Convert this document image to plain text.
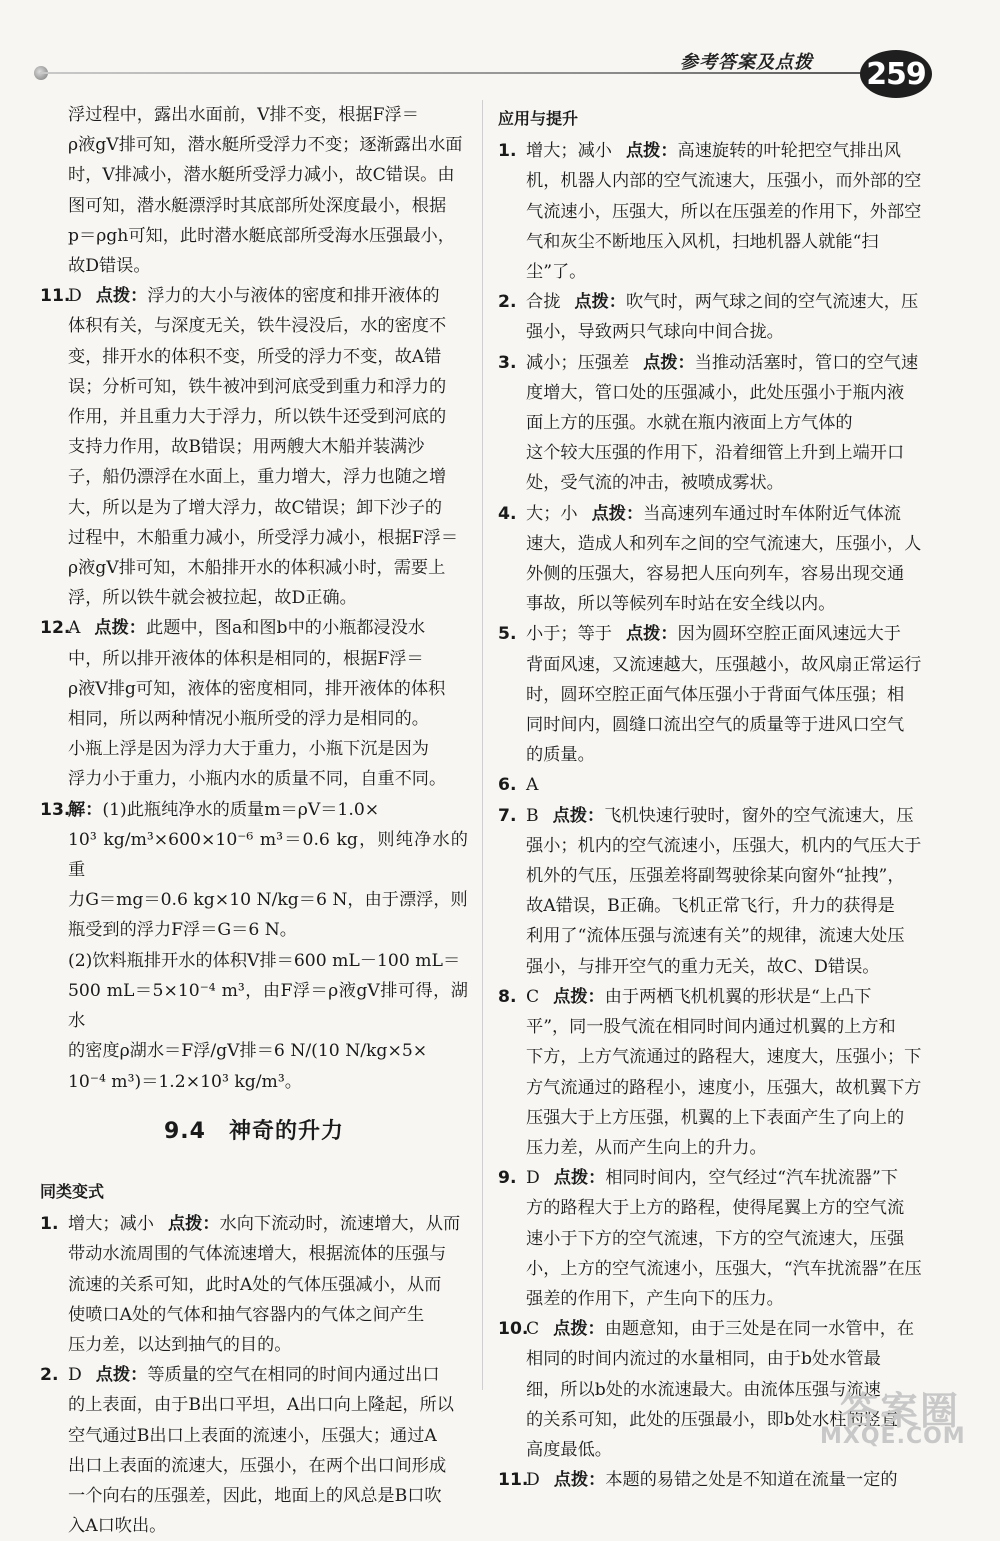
参考答案及点拨 259
浮过程中，露出水面前，V排不变，根据F浮＝
ρ液gV排可知，潜水艇所受浮力不变；逐渐露出水面
时，V排减小，潜水艇所受浮力减小，故C错误。由
图可知，潜水艇漂浮时其底部所处深度最小，根据
p＝ρgh可知，此时潜水艇底部所受海水压强最小，
故D错误。
11.
D 点拨：浮力的大小与液体的密度和排开液体的
体积有关，与深度无关，铁牛浸没后，水的密度不
变，排开水的体积不变，所受的浮力不变，故A错
误；分析可知，铁牛被冲到河底受到重力和浮力的
作用，并且重力大于浮力，所以铁牛还受到河底的
支持力作用，故B错误；用两艘大木船并装满沙
子，船仍漂浮在水面上，重力增大，浮力也随之增
大，所以是为了增大浮力，故C错误；卸下沙子的
过程中，木船重力减小，所受浮力减小，根据F浮＝
ρ液gV排可知，木船排开水的体积减小时，需要上
浮，所以铁牛就会被拉起，故D正确。
12.
A 点拨：此题中，图a和图b中的小瓶都浸没水
中，所以排开液体的体积是相同的，根据F浮＝
ρ液V排g可知，液体的密度相同，排开液体的体积
相同，所以两种情况小瓶所受的浮力是相同的。
小瓶上浮是因为浮力大于重力，小瓶下沉是因为
浮力小于重力，小瓶内水的质量不同，自重不同。
13.
解：(1)此瓶纯净水的质量m＝ρV＝1.0×
10³ kg/m³×600×10⁻⁶ m³＝0.6 kg，则纯净水的重
力G＝mg＝0.6 kg×10 N/kg＝6 N，由于漂浮，则
瓶受到的浮力F浮＝G＝6 N。
(2)饮料瓶排开水的体积V排＝600 mL－100 mL＝
500 mL＝5×10⁻⁴ m³，由F浮＝ρ液gV排可得，湖水
的密度ρ湖水＝F浮/gV排＝6 N/(10 N/kg×5×
10⁻⁴ m³)＝1.2×10³ kg/m³。
9.4　神奇的升力
同类变式
1. 增大；减小 点拨：水向下流动时，流速增大，从而
带动水流周围的气体流速增大，根据流体的压强与
流速的关系可知，此时A处的气体压强减小，从而
使喷口A处的气体和抽气容器内的气体之间产生
压力差，以达到抽气的目的。
2. D 点拨：等质量的空气在相同的时间内通过出口
的上表面，由于B出口平坦，A出口向上隆起，所以
空气通过B出口上表面的流速小，压强大；通过A
出口上表面的流速大，压强小，在两个出口间形成
一个向右的压强差，因此，地面上的风总是B口吹
入A口吹出。
应用与提升
1. 增大；减小 点拨：高速旋转的叶轮把空气排出风
机，机器人内部的空气流速大，压强小，而外部的空
气流速小，压强大，所以在压强差的作用下，外部空
气和灰尘不断地压入风机，扫地机器人就能“扫
尘”了。
2. 合拢 点拨：吹气时，两气球之间的空气流速大，压
强小，导致两只气球向中间合拢。
3. 减小；压强差 点拨：当推动活塞时，管口的空气速
度增大，管口处的压强减小，此处压强小于瓶内液
面上方的压强。水就在瓶内液面上方气体的
这个较大压强的作用下，沿着细管上升到上端开口
处，受气流的冲击，被喷成雾状。
4. 大；小 点拨：当高速列车通过时车体附近气体流
速大，造成人和列车之间的空气流速大，压强小，人
外侧的压强大，容易把人压向列车，容易出现交通
事故，所以等候列车时站在安全线以内。
5. 小于；等于 点拨：因为圆环空腔正面风速远大于
背面风速，又流速越大，压强越小，故风扇正常运行
时，圆环空腔正面气体压强小于背面气体压强；相
同时间内，圆缝口流出空气的质量等于进风口空气
的质量。
6. A
7. B 点拨：飞机快速行驶时，窗外的空气流速大，压
强小；机内的空气流速小，压强大，机内的气压大于
机外的气压，压强差将副驾驶徐某向窗外“扯拽”，
故A错误，B正确。飞机正常飞行，升力的获得是
利用了“流体压强与流速有关”的规律，流速大处压
强小，与排开空气的重力无关，故C、D错误。
8. C 点拨：由于两栖飞机机翼的形状是“上凸下
平”，同一股气流在相同时间内通过机翼的上方和
下方，上方气流通过的路程大，速度大，压强小；下
方气流通过的路程小，速度小，压强大，故机翼下方
压强大于上方压强，机翼的上下表面产生了向上的
压力差，从而产生向上的升力。
9. D 点拨：相同时间内，空气经过“汽车扰流器”下
方的路程大于上方的路程，使得尾翼上方的空气流
速小于下方的空气流速，下方的空气流速大，压强
小，上方的空气流速小，压强大，“汽车扰流器”在压
强差的作用下，产生向下的压力。
10.
C 点拨：由题意知，由于三处是在同一水管中，在
相同的时间内流过的水量相同，由于b处水管最
细，所以b处的水流速最大。由流体压强与流速
的关系可知，此处的压强最小，即b处水柱的竖直
高度最低。
11.
D 点拨：本题的易错之处是不知道在流量一定的
答案圈
MXQE.COM
